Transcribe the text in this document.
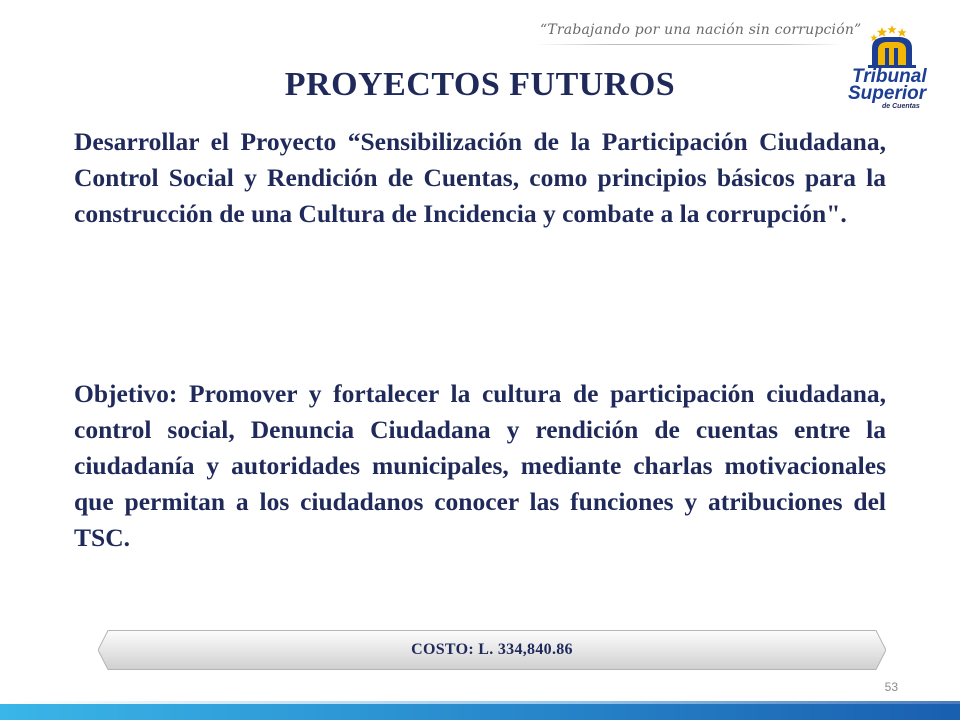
“Trabajando por una nación sin corrupción”
Tribunal
Superior
de Cuentas
PROYECTOS FUTUROS

Desarrollar el Proyecto “Sensibilización de la Participación Ciudadana, Control Social y Rendición de Cuentas, como principios básicos para la construcción de una Cultura de Incidencia y combate a la corrupción".

Objetivo: Promover y fortalecer la cultura de participación ciudadana, control social, Denuncia Ciudadana y rendición de cuentas entre la ciudadanía y autoridades municipales, mediante charlas motivacionales que permitan a los ciudadanos conocer las funciones y atribuciones del TSC.

COSTO: L. 334,840.86
53
